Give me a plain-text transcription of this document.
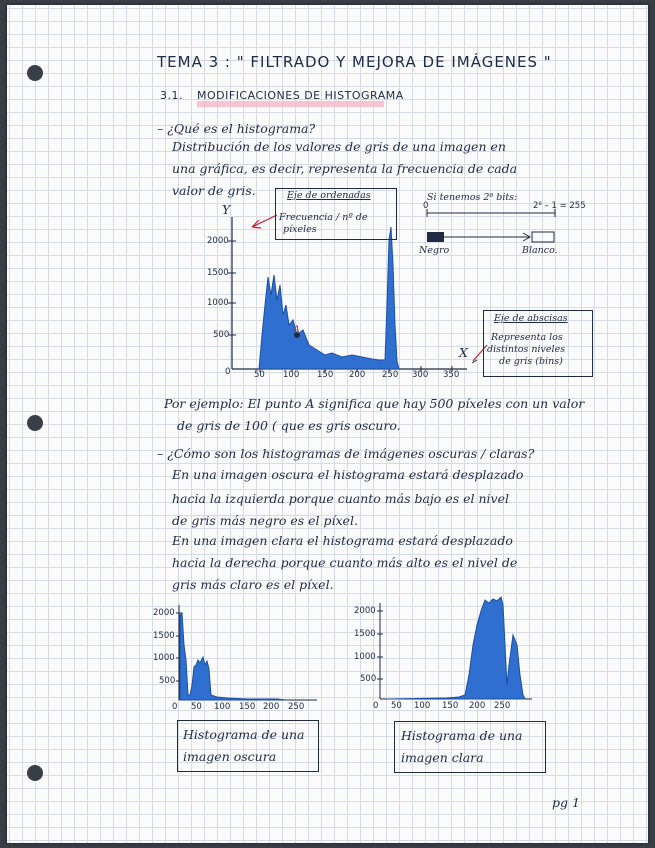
TEMA 3 : " FILTRADO Y MEJORA DE IMÁGENES "
3.1. MODIFICACIONES DE HISTOGRAMA
– ¿Qué es el histograma?
Distribución de los valores de gris de una imagen en
una gráfica, es decir, representa la frecuencia de cada
valor de gris.
Y
2000
1500
1000
500
0	50 100 150 200 250 300 350
X
A
Eje de ordenadas
Frecuencia / nº de
píxeles
Eje de abscisas
Representa los
distintos niveles
de gris (bins)
Si tenemos 2⁸ bits:
0	2⁸ – 1 = 255
Negro	Blanco.
Por ejemplo: El punto A significa que hay 500 píxeles con un valor
de gris de 100 ( que es gris oscuro.
– ¿Cómo son los histogramas de imágenes oscuras / claras?
En una imagen oscura el histograma estará desplazado
hacia la izquierda porque cuanto más bajo es el nivel
de gris más negro es el píxel.
En una imagen clara el histograma estará desplazado
hacia la derecha porque cuanto más alto es el nivel de
gris más claro es el píxel.
2000
1500
1000
500
0 50 100 150 200 250
2000
1500
1000
500
0 50 100 150 200 250
Histograma de una
imagen oscura
Histograma de una
imagen clara
pg 1
